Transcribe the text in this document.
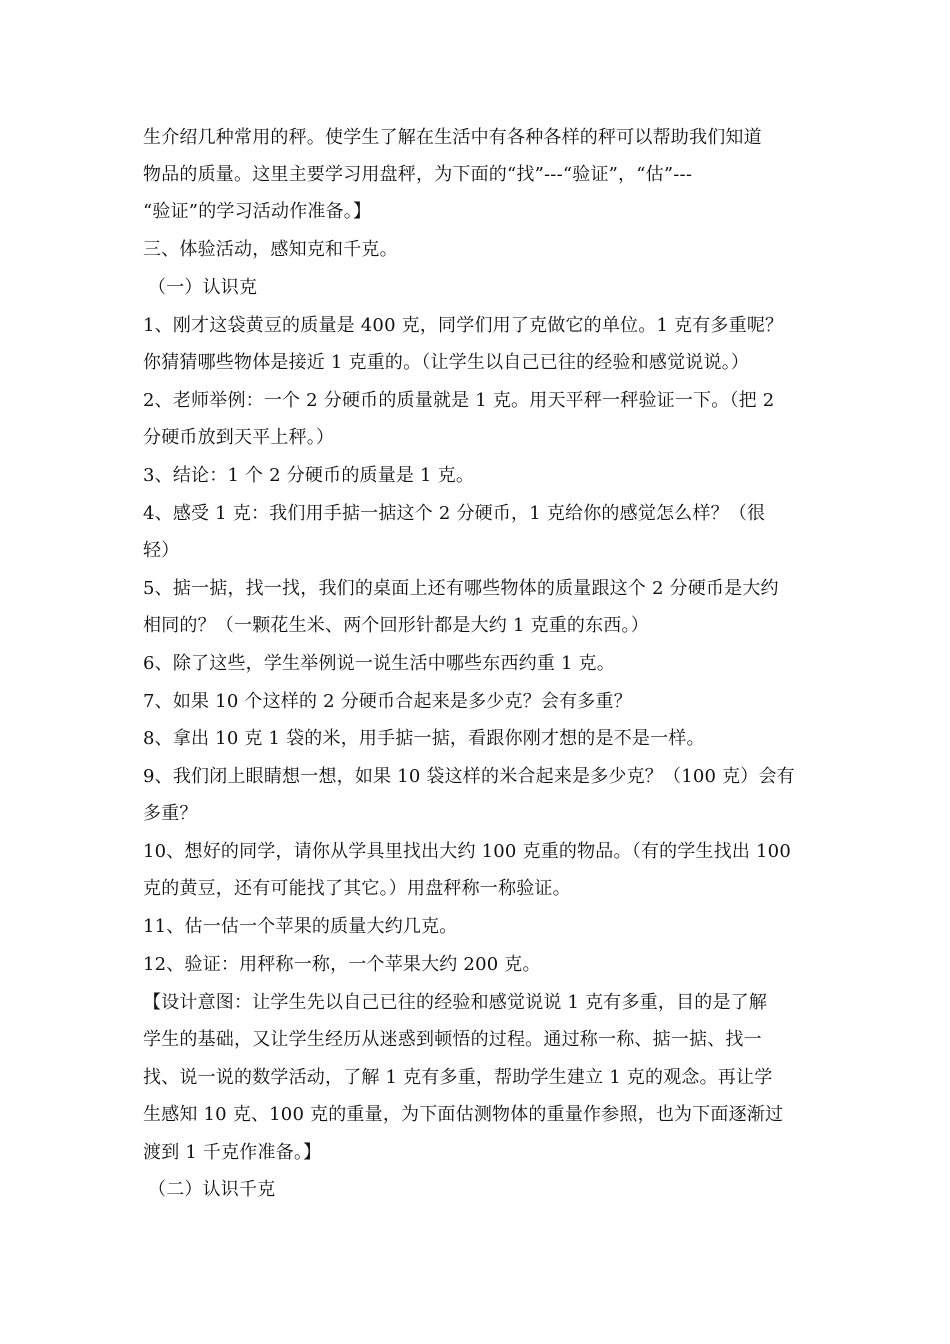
生介绍几种常用的秤。使学生了解在生活中有各种各样的秤可以帮助我们知道
物品的质量。这里主要学习用盘秤，为下面的“找”---“验证”，“估”---
“验证”的学习活动作准备。】
三、体验活动，感知克和千克。
（一）认识克
1、刚才这袋黄豆的质量是 400 克，同学们用了克做它的单位。1 克有多重呢？
你猜猜哪些物体是接近 1 克重的。（让学生以自己已往的经验和感觉说说。）
2、老师举例：一个 2 分硬币的质量就是 1 克。用天平秤一秤验证一下。（把 2
分硬币放到天平上秤。）
3、结论：1 个 2 分硬币的质量是 1 克。
4、感受 1 克：我们用手掂一掂这个 2 分硬币，1 克给你的感觉怎么样？（很
轻）
5、掂一掂，找一找，我们的桌面上还有哪些物体的质量跟这个 2 分硬币是大约
相同的？（一颗花生米、两个回形针都是大约 1 克重的东西。）
6、除了这些，学生举例说一说生活中哪些东西约重 1 克。
7、如果 10 个这样的 2 分硬币合起来是多少克？会有多重？
8、拿出 10 克 1 袋的米，用手掂一掂，看跟你刚才想的是不是一样。
9、我们闭上眼睛想一想，如果 10 袋这样的米合起来是多少克？（100 克）会有
多重？
10、想好的同学，请你从学具里找出大约 100 克重的物品。（有的学生找出 100
克的黄豆，还有可能找了其它。）用盘秤称一称验证。
11、估一估一个苹果的质量大约几克。
12、验证：用秤称一称，一个苹果大约 200 克。
【设计意图：让学生先以自己已往的经验和感觉说说 1 克有多重，目的是了解
学生的基础，又让学生经历从迷惑到顿悟的过程。通过称一称、掂一掂、找一
找、说一说的数学活动，了解 1 克有多重，帮助学生建立 1 克的观念。再让学
生感知 10 克、100 克的重量，为下面估测物体的重量作参照，也为下面逐渐过
渡到 1 千克作准备。】
（二）认识千克
